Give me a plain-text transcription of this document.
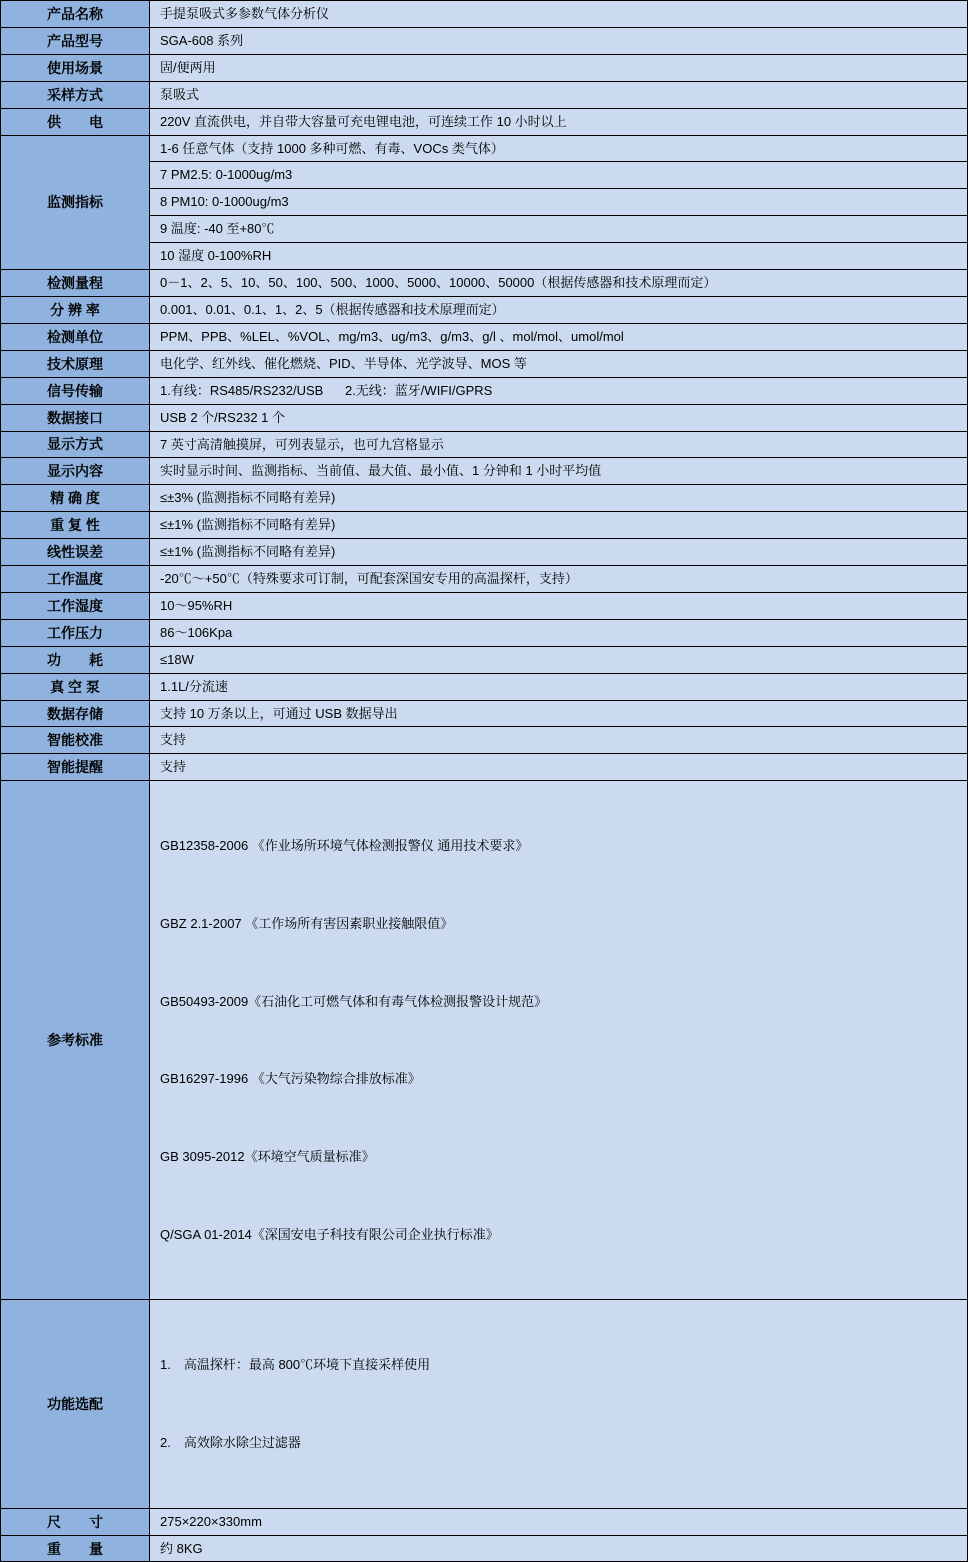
产品名称	手提泵吸式多参数气体分析仪
产品型号	SGA-608 系列
使用场景	固/便两用
采样方式	泵吸式
供　　电	220V 直流供电，并自带大容量可充电锂电池，可连续工作 10 小时以上
监测指标	1-6 任意气体（支持 1000 多种可燃、有毒、VOCs 类气体）
	7 PM2.5: 0-1000ug/m3
	8 PM10: 0-1000ug/m3
	9 温度: -40 至+80℃
	10 湿度 0-100%RH
检测量程	0－1、2、5、10、50、100、500、1000、5000、10000、50000（根据传感器和技术原理而定）
分 辨 率	0.001、0.01、0.1、1、2、5（根据传感器和技术原理而定）
检测单位	PPM、PPB、%LEL、%VOL、mg/m3、ug/m3、g/m3、g/l 、mol/mol、umol/mol
技术原理	电化学、红外线、催化燃烧、PID、半导体、光学波导、MOS 等
信号传输	1.有线：RS485/RS232/USB      2.无线：蓝牙/WIFI/GPRS
数据接口	USB 2 个/RS232 1 个
显示方式	7 英寸高清触摸屏，可列表显示，也可九宫格显示
显示内容	实时显示时间、监测指标、当前值、最大值、最小值、1 分钟和 1 小时平均值
精 确 度	≤±3% (监测指标不同略有差异)
重 复 性	≤±1% (监测指标不同略有差异)
线性误差	≤±1% (监测指标不同略有差异)
工作温度	-20℃～+50℃（特殊要求可订制，可配套深国安专用的高温探杆，支持）
工作湿度	10～95%RH
工作压力	86～106Kpa
功　　耗	≤18W
真 空 泵	1.1L/分流速
数据存储	支持 10 万条以上，可通过 USB 数据导出
智能校准	支持
智能提醒	支持
参考标准	

GB12358-2006 《作业场所环境气体检测报警仪 通用技术要求》

GBZ 2.1-2007 《工作场所有害因素职业接触限值》

GB50493-2009《石油化工可燃气体和有毒气体检测报警设计规范》

GB16297-1996 《大气污染物综合排放标准》

GB 3095-2012《环境空气质量标准》

Q/SGA 01-2014《深国安电子科技有限公司企业执行标准》

功能选配	1.　高温探杆：最高 800℃环境下直接采样使用

2.　高效除水除尘过滤器

尺　　寸	275×220×330mm
重　　量	约 8KG
